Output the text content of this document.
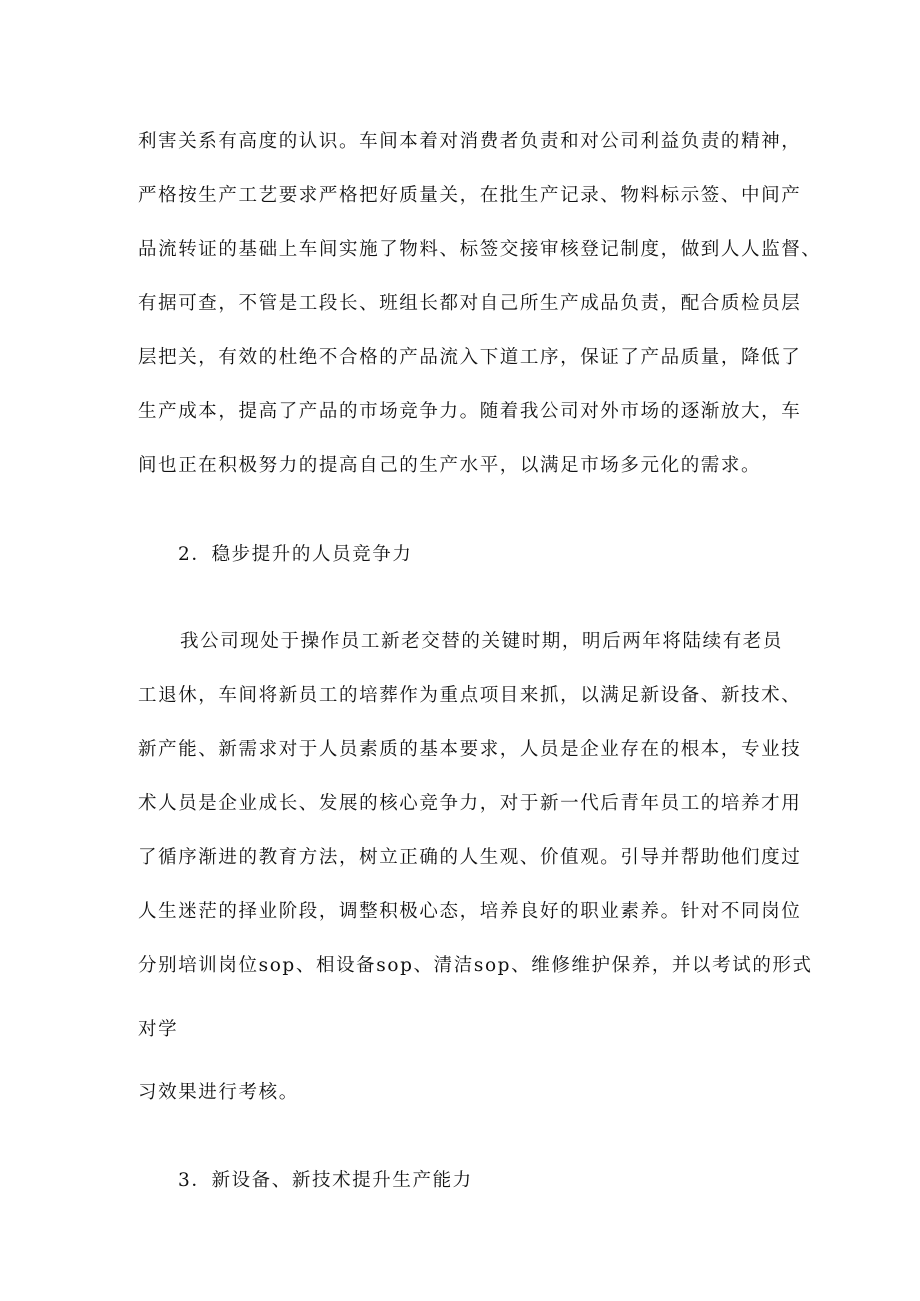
利害关系有高度的认识。车间本着对消费者负责和对公司利益负责的精神，
严格按生产工艺要求严格把好质量关，在批生产记录、物料标示签、中间产
品流转证的基础上车间实施了物料、标签交接审核登记制度，做到人人监督、
有据可查，不管是工段长、班组长都对自己所生产成品负责，配合质检员层
层把关，有效的杜绝不合格的产品流入下道工序，保证了产品质量，降低了
生产成本，提高了产品的市场竞争力。随着我公司对外市场的逐渐放大，车
间也正在积极努力的提高自己的生产水平，以满足市场多元化的需求。
2．稳步提升的人员竞争力
我公司现处于操作员工新老交替的关键时期，明后两年将陆续有老员
工退休，车间将新员工的培葬作为重点项目来抓，以满足新设备、新技术、
新产能、新需求对于人员素质的基本要求，人员是企业存在的根本，专业技
术人员是企业成长、发展的核心竞争力，对于新一代后青年员工的培养才用
了循序渐进的教育方法，树立正确的人生观、价值观。引导并帮助他们度过
人生迷茫的择业阶段，调整积极心态，培养良好的职业素养。针对不同岗位
分别培训岗位sop、相设备sop、清洁sop、维修维护保养，并以考试的形式
对学
习效果进行考核。
3．新设备、新技术提升生产能力
